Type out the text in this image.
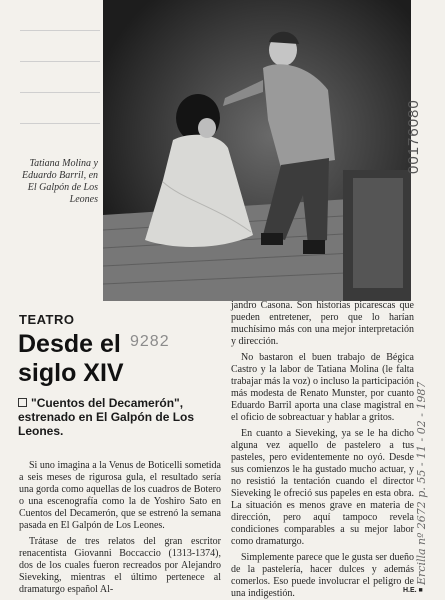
Tatiana Molina y Eduardo Barril, en El Galpón de Los Leones
TEATRO
Desde el siglo XIV
9282
"Cuentos del Decamerón", estrenado en El Galpón de Los Leones.

Si uno imagina a la Venus de Boticelli sometida a seis meses de rigurosa gula, el resultado sería una gorda como aquellas de los cuadros de Botero o una escenografía como la de Yoshiro Sato en Cuentos del Decamerón, que se estrenó la semana pasada en El Galpón de Los Leones.

Trátase de tres relatos del gran escritor renacentista Giovanni Boccaccio (1313-1374), dos de los cuales fueron recreados por Alejandro Sieveking, mientras el último pertenece al dramaturgo español Al-

jandro Casona. Son historias picarescas que pueden entretener, pero que lo harían muchísimo más con una mejor interpretación y dirección.

No bastaron el buen trabajo de Bégica Castro y la labor de Tatiana Molina (le falta trabajar más la voz) o incluso la participación más modesta de Renato Munster, por cuanto Eduardo Barril aporta una clase magistral en el oficio de sobreactuar y hablar a gritos.

En cuanto a Sieveking, ya se le ha dicho alguna vez aquello de pastelero a tus pasteles, pero evidentemente no oyó. Desde sus comienzos le ha gustado mucho actuar, y no resistió la tentación cuando el director Sieveking le ofreció sus papeles en esta obra. La situación es menos grave en materia de dirección, pero aquí tampoco revela condiciones comparables a su mejor labor como dramaturgo.

Simplemente parece que le gusta ser dueño de la pastelería, hacer dulces y además comerlos. Eso puede involucrar el peligro de una indigestión.	H.E. ■
00176080
Ercilla nº 2672 p. 55 - 11 - 02 - 1987
